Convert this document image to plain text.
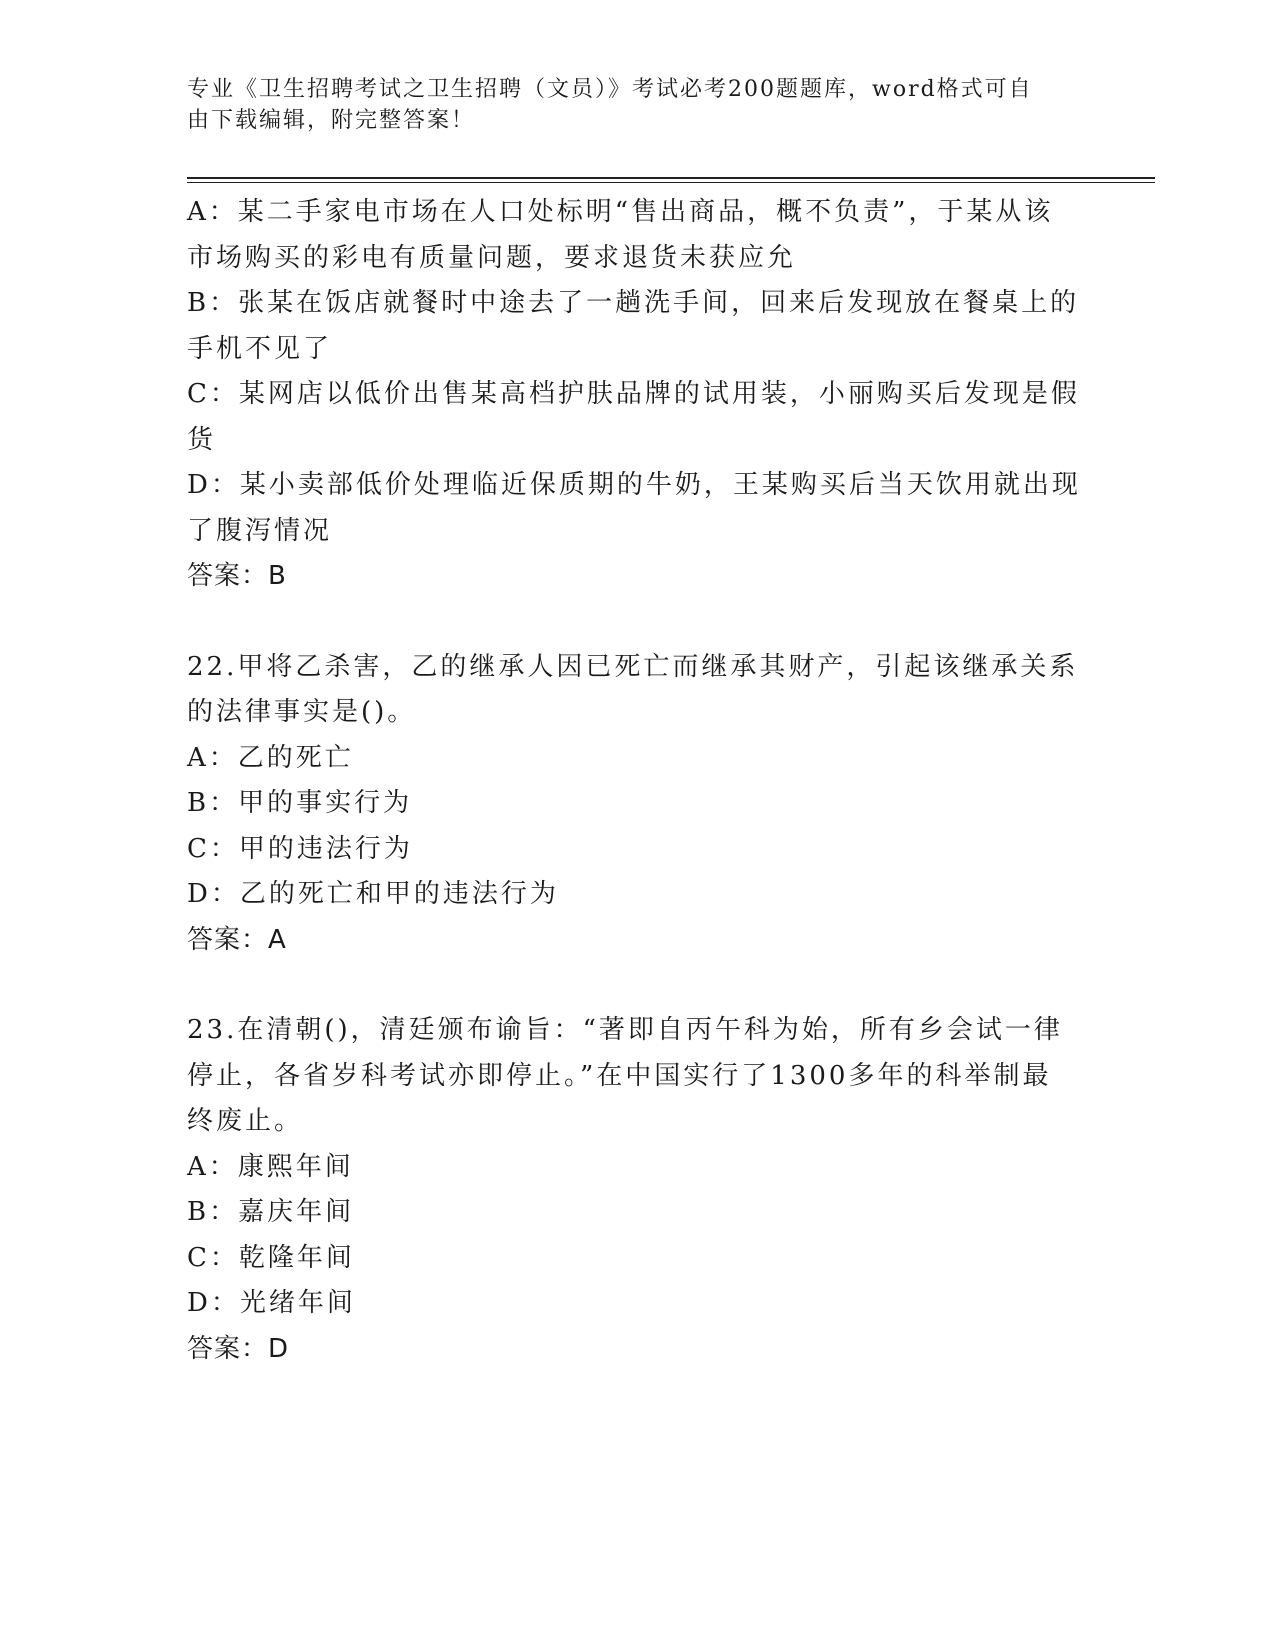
专业《卫生招聘考试之卫生招聘（文员）》考试必考200题题库，word格式可自
由下载编辑，附完整答案！
A：某二手家电市场在人口处标明“售出商品，概不负责”，于某从该
市场购买的彩电有质量问题，要求退货未获应允
B：张某在饭店就餐时中途去了一趟洗手间，回来后发现放在餐桌上的
手机不见了
C：某网店以低价出售某高档护肤品牌的试用装，小丽购买后发现是假
货
D：某小卖部低价处理临近保质期的牛奶，王某购买后当天饮用就出现
了腹泻情况
答案：B
22.甲将乙杀害，乙的继承人因已死亡而继承其财产，引起该继承关系
的法律事实是()。
A：乙的死亡
B：甲的事实行为
C：甲的违法行为
D：乙的死亡和甲的违法行为
答案：A
23.在清朝()，清廷颁布谕旨：“著即自丙午科为始，所有乡会试一律
停止，各省岁科考试亦即停止。”在中国实行了1300多年的科举制最
终废止。
A：康熙年间
B：嘉庆年间
C：乾隆年间
D：光绪年间
答案：D
